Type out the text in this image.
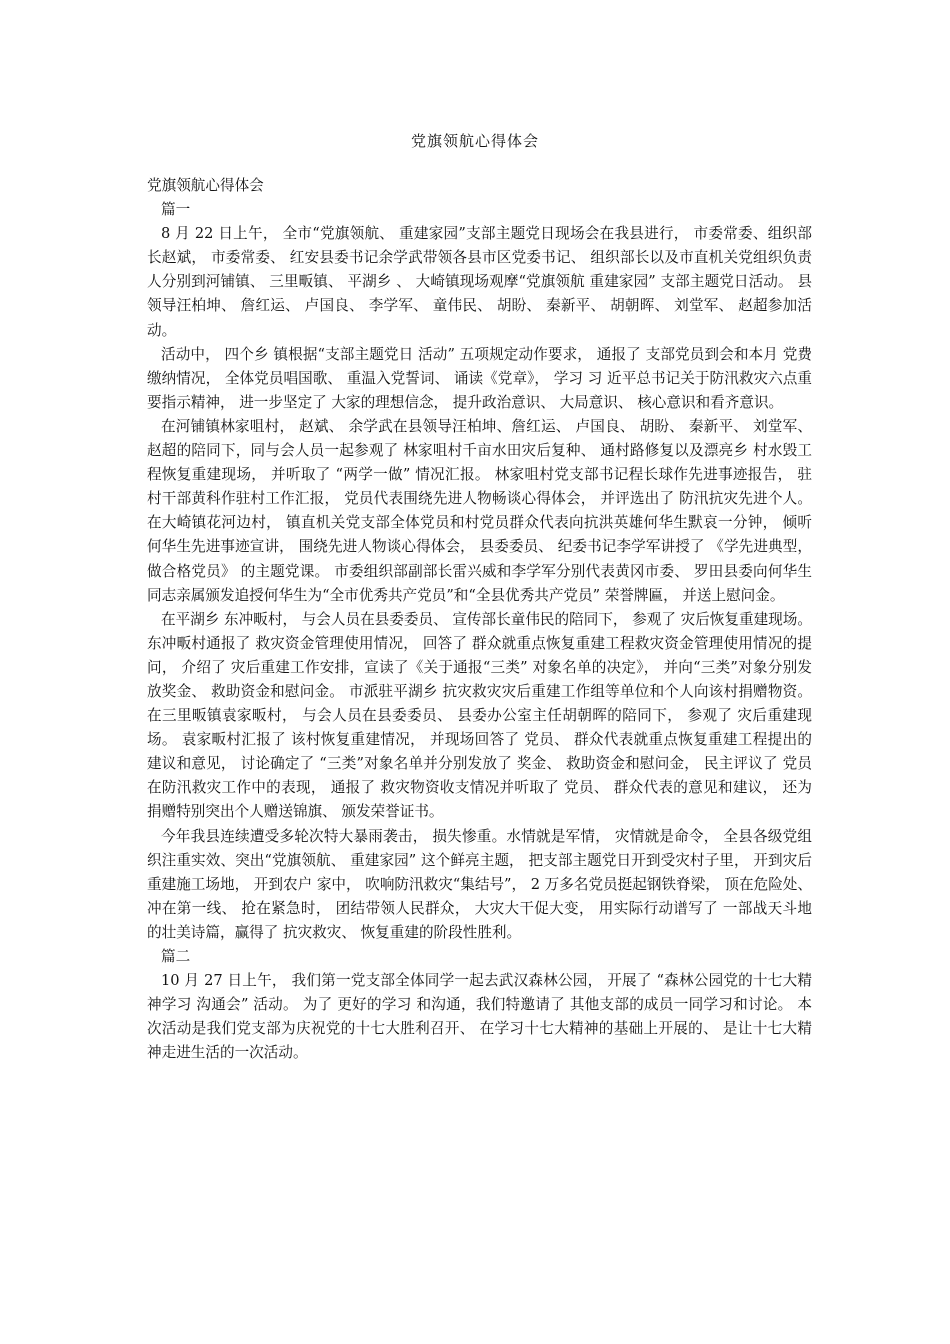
党旗领航心得体会

党旗领航心得体会

篇一

8 月 22 日上午， 全市“党旗领航、 重建家园”支部主题党日现场会在我县进行， 市委常委、组织部长赵斌， 市委常委、 红安县委书记余学武带领各县市区党委书记、 组织部长以及市直机关党组织负责人分别到河铺镇、 三里畈镇、 平湖乡 、 大崎镇现场观摩“党旗领航 重建家园” 支部主题党日活动。 县领导汪柏坤、 詹红运、 卢国良、 李学军、 童伟民、 胡盼、 秦新平、 胡朝晖、 刘堂军、 赵超参加活动。

活动中， 四个乡 镇根据“支部主题党日 活动” 五项规定动作要求， 通报了 支部党员到会和本月 党费缴纳情况， 全体党员唱国歌、 重温入党誓词、 诵读《党章》， 学习 习 近平总书记关于防汛救灾六点重要指示精神， 进一步坚定了 大家的理想信念， 提升政治意识、 大局意识、 核心意识和看齐意识。

在河铺镇林家咀村， 赵斌、 余学武在县领导汪柏坤、詹红运、 卢国良、 胡盼、 秦新平、 刘堂军、 赵超的陪同下，同与会人员一起参观了 林家咀村千亩水田灾后复种、 通村路修复以及漂亮乡 村水毁工程恢复重建现场， 并听取了 “两学一做” 情况汇报。 林家咀村党支部书记程长球作先进事迹报告， 驻村干部黄科作驻村工作汇报， 党员代表围绕先进人物畅谈心得体会， 并评选出了 防汛抗灾先进个人。在大崎镇花河边村， 镇直机关党支部全体党员和村党员群众代表向抗洪英雄何华生默哀一分钟， 倾听何华生先进事迹宣讲， 围绕先进人物谈心得体会， 县委委员、 纪委书记李学军讲授了 《学先进典型， 做合格党员》 的主题党课。 市委组织部副部长雷兴威和李学军分别代表黄冈市委、 罗田县委向何华生同志亲属颁发追授何华生为“全市优秀共产党员”和“全县优秀共产党员” 荣誉牌匾， 并送上慰问金。

在平湖乡 东冲畈村， 与会人员在县委委员、 宣传部长童伟民的陪同下， 参观了 灾后恢复重建现场。 东冲畈村通报了 救灾资金管理使用情况， 回答了 群众就重点恢复重建工程救灾资金管理使用情况的提问， 介绍了 灾后重建工作安排，宣读了《关于通报“三类” 对象名单的决定》， 并向“三类”对象分别发放奖金、 救助资金和慰问金。 市派驻平湖乡 抗灾救灾灾后重建工作组等单位和个人向该村捐赠物资。在三里畈镇袁家畈村， 与会人员在县委委员、 县委办公室主任胡朝晖的陪同下， 参观了 灾后重建现场。 袁家畈村汇报了 该村恢复重建情况， 并现场回答了 党员、 群众代表就重点恢复重建工程提出的建议和意见， 讨论确定了 “三类”对象名单并分别发放了 奖金、 救助资金和慰问金， 民主评议了 党员在防汛救灾工作中的表现， 通报了 救灾物资收支情况并听取了 党员、 群众代表的意见和建议， 还为捐赠特别突出个人赠送锦旗、 颁发荣誉证书。

今年我县连续遭受多轮次特大暴雨袭击， 损失惨重。水情就是军情， 灾情就是命令， 全县各级党组织注重实效、突出“党旗领航、 重建家园” 这个鲜亮主题， 把支部主题党日开到受灾村子里， 开到灾后重建施工场地， 开到农户 家中， 吹响防汛救灾“集结号”， 2 万多名党员挺起钢铁脊梁， 顶在危险处、 冲在第一线、 抢在紧急时， 团结带领人民群众， 大灾大干促大变， 用实际行动谱写了 一部战天斗地的壮美诗篇，赢得了 抗灾救灾、 恢复重建的阶段性胜利。

篇二

10 月 27 日上午， 我们第一党支部全体同学一起去武汉森林公园， 开展了 “森林公园党的十七大精神学习 沟通会” 活动。 为了 更好的学习 和沟通，我们特邀请了 其他支部的成员一同学习和讨论。 本次活动是我们党支部为庆祝党的十七大胜利召开、 在学习十七大精神的基础上开展的、 是让十七大精神走进生活的一次活动。
